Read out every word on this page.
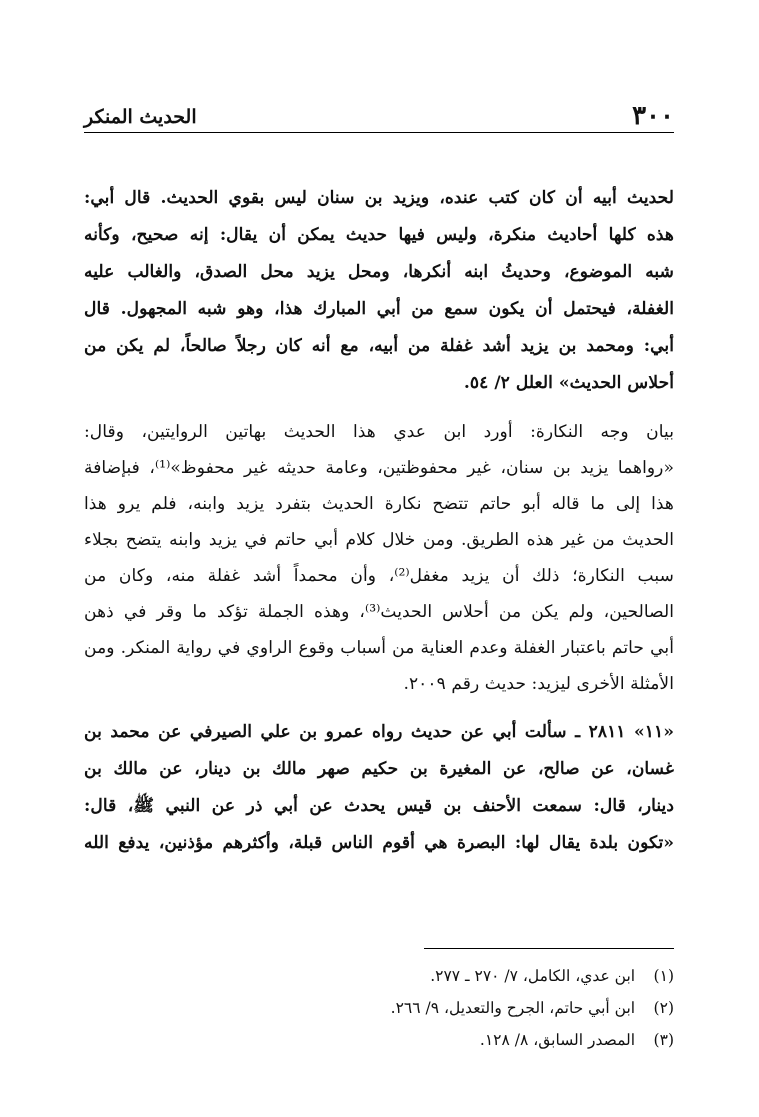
٣٠٠
الحديث المنكر

لحديث أبيه أن كان كتب عنده، ويزيد بن سنان ليس بقوي الحديث. قال أبي:
هذه كلها أحاديث منكرة، وليس فيها حديث يمكن أن يقال: إنه صحيح، وكأنه
شبه الموضوع، وحديثُ ابنه أنكرها، ومحل يزيد محل الصدق، والغالب عليه
الغفلة، فيحتمل أن يكون سمع من أبي المبارك هذا، وهو شبه المجهول. قال
أبي: ومحمد بن يزيد أشد غفلة من أبيه، مع أنه كان رجلاً صالحاً، لم يكن من
أحلاس الحديث» العلل ٢/ ٥٤.

بيان وجه النكارة: أورد ابن عدي هذا الحديث بهاتين الروايتين، وقال:
«رواهما يزيد بن سنان، غير محفوظتين، وعامة حديثه غير محفوظ»⁽¹⁾، فبإضافة
هذا إلى ما قاله أبو حاتم تتضح نكارة الحديث بتفرد يزيد وابنه، فلم يرو هذا
الحديث من غير هذه الطريق. ومن خلال كلام أبي حاتم في يزيد وابنه يتضح بجلاء
سبب النكارة؛ ذلك أن يزيد مغفل⁽²⁾، وأن محمداً أشد غفلة منه، وكان من
الصالحين، ولم يكن من أحلاس الحديث⁽³⁾، وهذه الجملة تؤكد ما وقر في ذهن
أبي حاتم باعتبار الغفلة وعدم العناية من أسباب وقوع الراوي في رواية المنكر. ومن
الأمثلة الأخرى ليزيد: حديث رقم ٢٠٠٩.

«١١» ٢٨١١ ـ سألت أبي عن حديث رواه عمرو بن علي الصيرفي عن محمد بن
غسان، عن صالح، عن المغيرة بن حكيم صهر مالك بن دينار، عن مالك بن
دينار، قال: سمعت الأحنف بن قيس يحدث عن أبي ذر عن النبي ﷺ، قال:
«تكون بلدة يقال لها: البصرة هي أقوم الناس قبلة، وأكثرهم مؤذنين، يدفع الله

(١) ابن عدي، الكامل، ٧/ ٢٧٠ ـ ٢٧٧.
(٢) ابن أبي حاتم، الجرح والتعديل، ٩/ ٢٦٦.
(٣) المصدر السابق، ٨/ ١٢٨.
